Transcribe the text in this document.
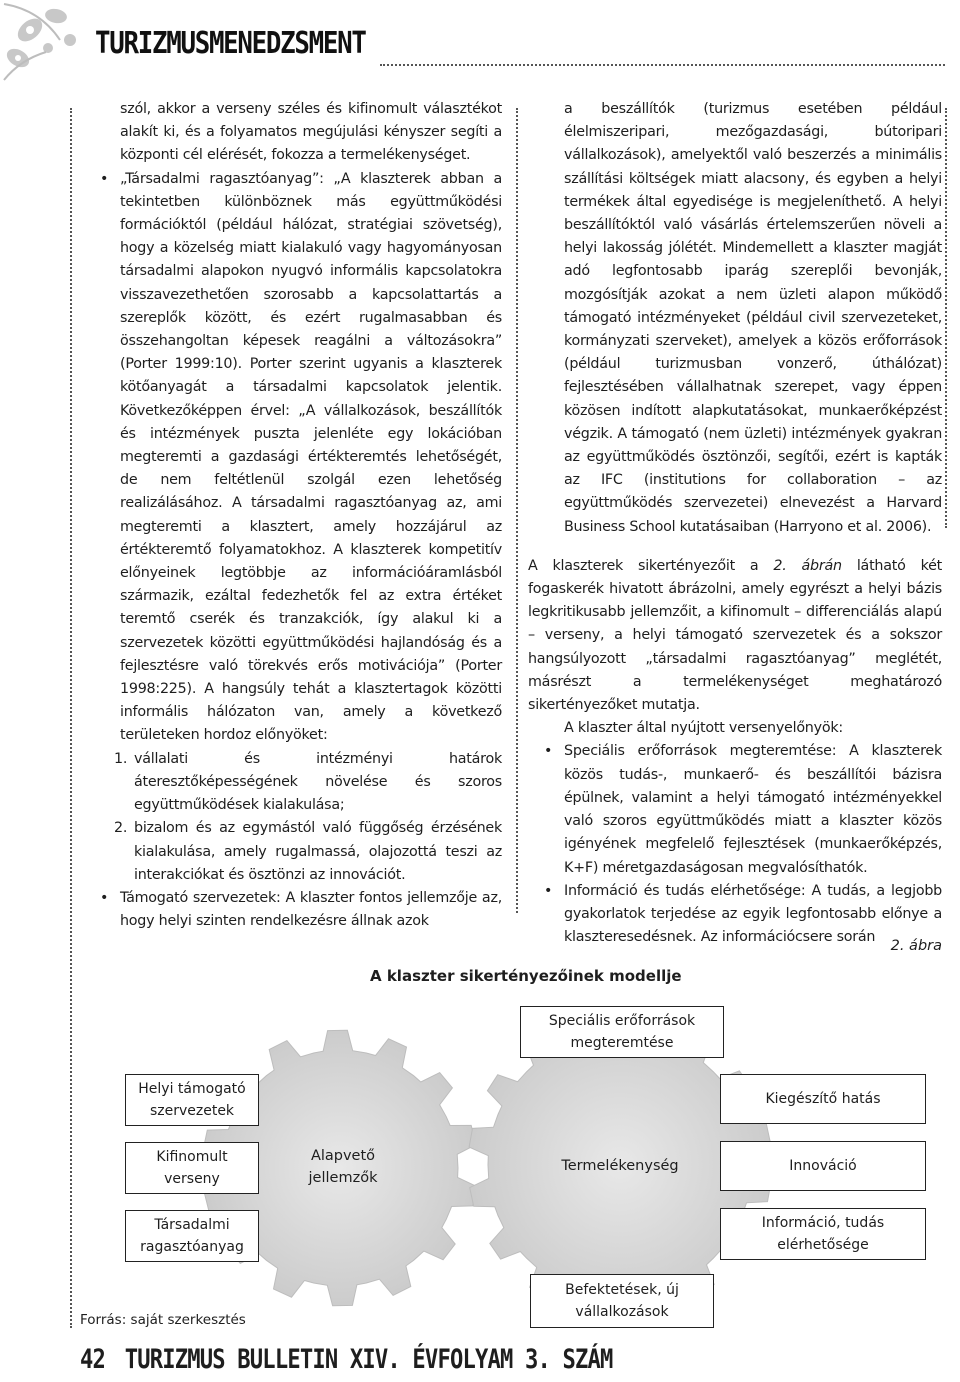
TURIZMUSMENEDZSMENT

szól, akkor a verseny széles és kifinomult választékot alakít ki, és a folyamatos megújulási kényszer segíti a központi cél elérését, fokozza a termelékenységet.

• „Társadalmi ragasztóanyag”: „A klaszterek abban a tekintetben különböznek más együttműködési formációktól (például hálózat, stratégiai szövetség), hogy a közelség miatt kialakuló vagy hagyományosan társadalmi alapokon nyugvó informális kapcsolatokra visszavezethetően szorosabb a kapcsolattartás a szereplők között, és ezért rugalmasabban és összehangoltan képesek reagálni a változásokra” (Porter 1999:10). Porter szerint ugyanis a klaszterek kötőanyagát a társadalmi kapcsolatok jelentik. Következőképpen érvel: „A vállalkozások, beszállítók és intézmények puszta jelenléte egy lokációban megteremti a gazdasági értékteremtés lehetőségét, de nem feltétlenül szolgál ezen lehetőség realizálásához. A társadalmi ragasztóanyag az, ami megteremti a klasztert, amely hozzájárul az értékteremtő folyamatokhoz. A klaszterek kompetitív előnyeinek legtöbbje az információáramlásból származik, ezáltal fedezhetők fel az extra értéket teremtő cserék és tranzakciók, így alakul ki a szervezetek közötti együttműködési hajlandóság és a fejlesztésre való törekvés erős motivációja” (Porter 1998:225). A hangsúly tehát a klasztertagok közötti informális hálózaton van, amely a következő területeken hordoz előnyöket:

1. vállalati és intézményi határok áteresztőképességének növelése és szoros együttműködések kialakulása;

2. bizalom és az egymástól való függőség érzésének kialakulása, amely rugalmassá, olajozottá teszi az interakciókat és ösztönzi az innovációt.

• Támogató szervezetek: A klaszter fontos jellemzője az, hogy helyi szinten rendelkezésre állnak azok

a beszállítók (turizmus esetében például élelmiszeripari, mezőgazdasági, bútoripari vállalkozások), amelyektől való beszerzés a minimális szállítási költségek miatt alacsony, és egyben a helyi termékek által egyedisége is megjeleníthető. A helyi beszállítóktól való vásárlás értelemszerűen növeli a helyi lakosság jólétét. Mindemellett a klaszter magját adó legfontosabb iparág szereplői bevonják, mozgósítják azokat a nem üzleti alapon működő támogató intézményeket (például civil szervezeteket, kormányzati szerveket), amelyek a közös erőforrások (például turizmusban vonzerő, úthálózat) fejlesztésében vállalhatnak szerepet, vagy éppen közösen indított alapkutatásokat, munkaerőképzést végzik. A támogató (nem üzleti) intézmények gyakran az együttműködés ösztönzői, segítői, ezért is kapták az IFC (institutions for collaboration – az együttműködés szervezetei) elnevezést a Harvard Business School kutatásaiban (Harryono et al. 2006).

A klaszterek sikertényezőit a 2. ábrán látható két fogaskerék hivatott ábrázolni, amely egyrészt a helyi bázis legkritikusabb jellemzőit, a kifinomult – differenciálás alapú – verseny, a helyi támogató szervezetek és a sokszor hangsúlyozott „társadalmi ragasztóanyag” meglétét, másrészt a termelékenységet meghatározó sikertényezőket mutatja.

A klaszter által nyújtott versenyelőnyök:

• Speciális erőforrások megteremtése: A klaszterek közös tudás-, munkaerő- és beszállítói bázisra épülnek, valamint a helyi támogató intézményekkel való szoros együttműködés miatt a klaszter közös igényének megfelelő fejlesztések (munkaerőképzés, K+F) méretgazdaságosan megvalósíthatók.

• Információ és tudás elérhetősége: A tudás, a legjobb gyakorlatok terjedése az egyik legfontosabb előnye a klaszteresedésnek. Az információcsere során

2. ábra
A klaszter sikertényezőinek modellje
Alapvető jellemzők
Termelékenység
Helyi támogató szervezetek
Kifinomult verseny
Társadalmi ragasztóanyag
Speciális erőforrások megteremtése
Kiegészítő hatás
Innováció
Információ, tudás elérhetősége
Befektetések, új vállalkozások
Forrás: saját szerkesztés
42 TURIZMUS BULLETIN XIV. ÉVFOLYAM 3. SZÁM
